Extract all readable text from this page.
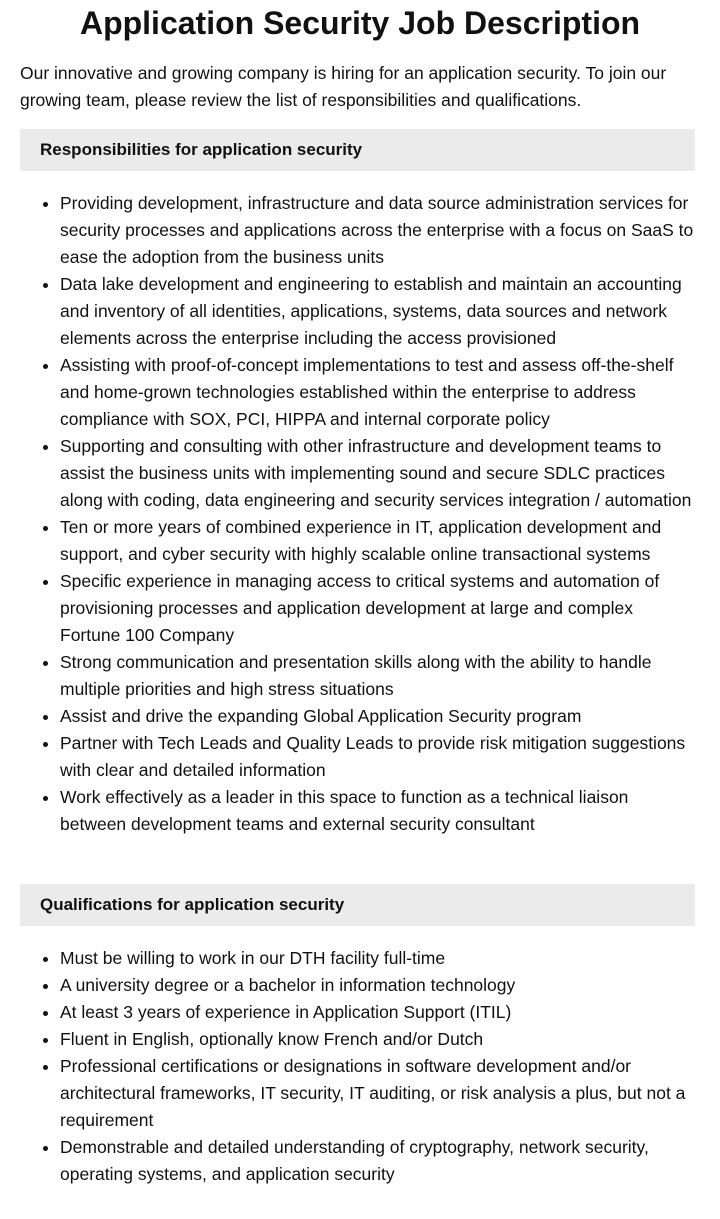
Application Security Job Description

Our innovative and growing company is hiring for an application security. To join our growing team, please review the list of responsibilities and qualifications.

Responsibilities for application security
• Providing development, infrastructure and data source administration services for security processes and applications across the enterprise with a focus on SaaS to ease the adoption from the business units
• Data lake development and engineering to establish and maintain an accounting and inventory of all identities, applications, systems, data sources and network elements across the enterprise including the access provisioned
• Assisting with proof-of-concept implementations to test and assess off-the-shelf and home-grown technologies established within the enterprise to address compliance with SOX, PCI, HIPPA and internal corporate policy
• Supporting and consulting with other infrastructure and development teams to assist the business units with implementing sound and secure SDLC practices along with coding, data engineering and security services integration / automation
• Ten or more years of combined experience in IT, application development and support, and cyber security with highly scalable online transactional systems
• Specific experience in managing access to critical systems and automation of provisioning processes and application development at large and complex Fortune 100 Company
• Strong communication and presentation skills along with the ability to handle multiple priorities and high stress situations
• Assist and drive the expanding Global Application Security program
• Partner with Tech Leads and Quality Leads to provide risk mitigation suggestions with clear and detailed information
• Work effectively as a leader in this space to function as a technical liaison between development teams and external security consultant
Qualifications for application security
• Must be willing to work in our DTH facility full-time
• A university degree or a bachelor in information technology
• At least 3 years of experience in Application Support (ITIL)
• Fluent in English, optionally know French and/or Dutch
• Professional certifications or designations in software development and/or architectural frameworks, IT security, IT auditing, or risk analysis a plus, but not a requirement
• Demonstrable and detailed understanding of cryptography, network security, operating systems, and application security
